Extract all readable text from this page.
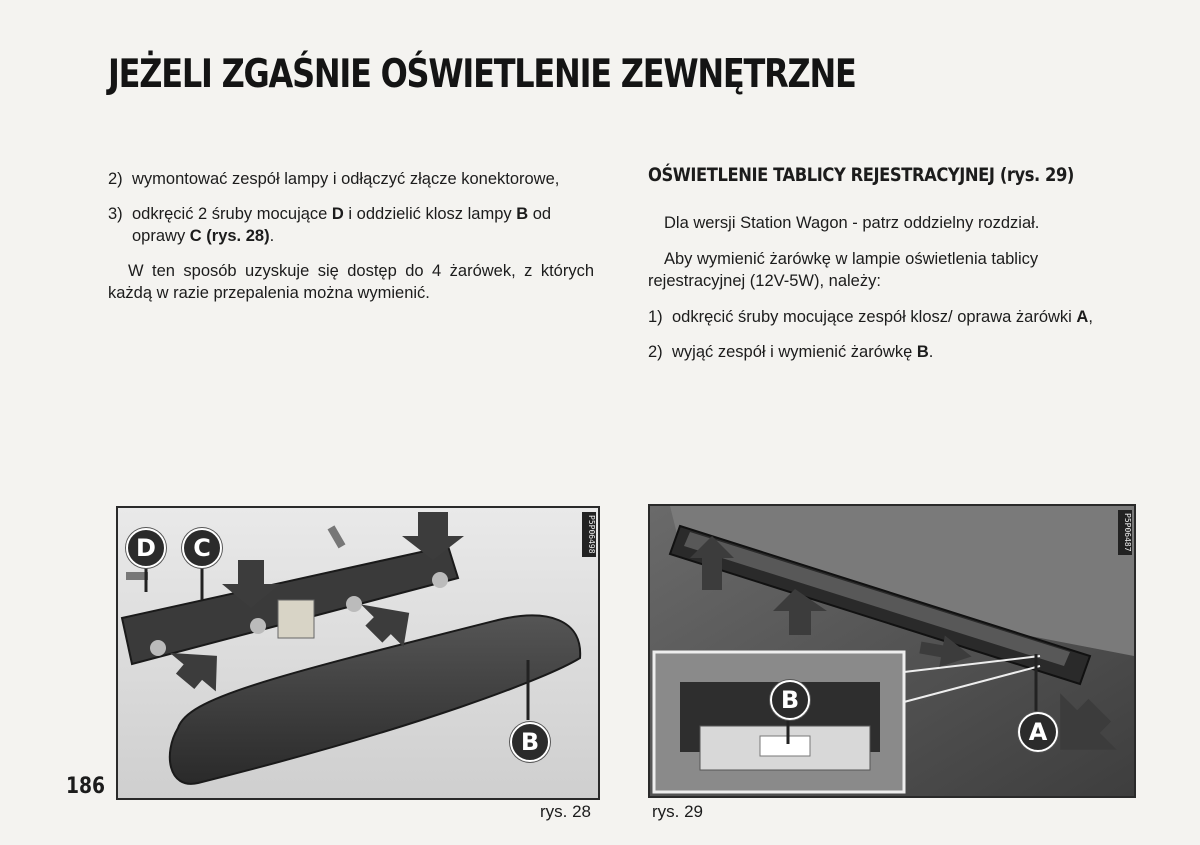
JEŻELI ZGAŚNIE OŚWIETLENIE ZEWNĘTRZNE
2) wymontować zespół lampy i odłączyć złącze konektorowe,
3) odkręcić 2 śruby mocujące D i oddzielić klosz lampy B od oprawy C (rys. 28).

W ten sposób uzyskuje się dostęp do 4 żarówek, z których każdą w razie przepalenia można wymienić.

OŚWIETLENIE TABLICY REJESTRACYJNEJ (rys. 29)

Dla wersji Station Wagon - patrz oddzielny rozdział.

Aby wymienić żarówkę w lampie oświetlenia tablicy rejestracyjnej (12V-5W), należy:

1) odkręcić śruby mocujące zespół klosz/ oprawa żarówki A,
2) wyjąć zespół i wymienić żarówkę B.
D	C
B
P5P06498
rys. 28
B
A
P5P06487
rys. 29
186
